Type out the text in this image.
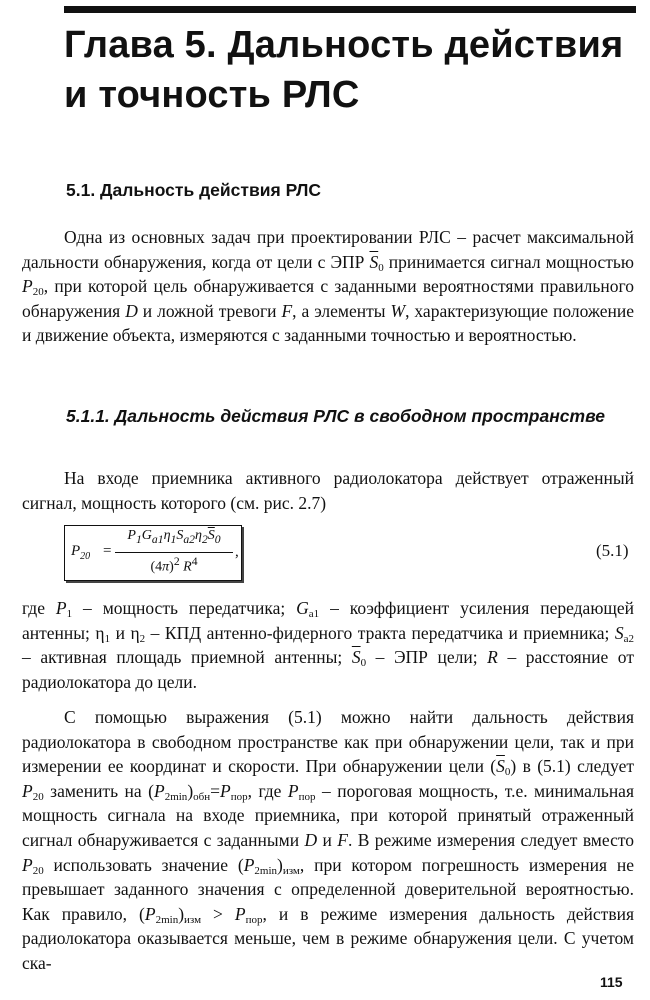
Глава 5. Дальность действия и точность РЛС
5.1. Дальность действия РЛС

Одна из основных задач при проектировании РЛС – расчет максимальной дальности обнаружения, когда от цели с ЭПР $\overline{S}_0$ принимается сигнал мощностью $P_{20}$, при которой цель обнаруживается с заданными вероятностями правильного обнаружения D и ложной тревоги F, а элементы W, характеризующие положение и движение объекта, измеряются с заданными точностью и вероятностью.

5.1.1. Дальность действия РЛС в свободном пространстве

На входе приемника активного радиолокатора действует отраженный сигнал, мощность которого (см. рис. 2.7)

$P_{20}$ =
$P_1G_{a1}\eta_1S_{a2}\eta_2\overline{S}_0$
$(4\pi)^2$ $R^4$
,	(5.1)

где $P_1$ – мощность передатчика; $G_{a1}$ – коэффициент усиления передающей антенны; $\eta_1$ и $\eta_2$ – КПД антенно-фидерного тракта передатчика и приемника; $S_{a2}$ – активная площадь приемной антенны; $\overline{S}_0$ – ЭПР цели; R – расстояние от радиолокатора до цели.

С помощью выражения (5.1) можно найти дальность действия радиолокатора в свободном пространстве как при обнаружении цели, так и при измерении ее координат и скорости. При обнаружении цели $(\overline{S}_0)$ в (5.1) следует $P_{20}$ заменить на $(P_{2min})_{обн}=P_{пор}$, где $P_{пор}$ – пороговая мощность, т.е. минимальная мощность сигнала на входе приемника, при которой принятый отраженный сигнал обнаруживается с заданными D и F. В режиме измерения следует вместо $P_{20}$ использовать значение $(P_{2min})_{изм}$, при котором погрешность измерения не превышает заданного значения с определенной доверительной вероятностью. Как правило, $(P_{2min})_{изм} > P_{пор}$, и в режиме измерения дальность действия радиолокатора оказывается меньше, чем в режиме обнаружения цели. С учетом ска-

115
